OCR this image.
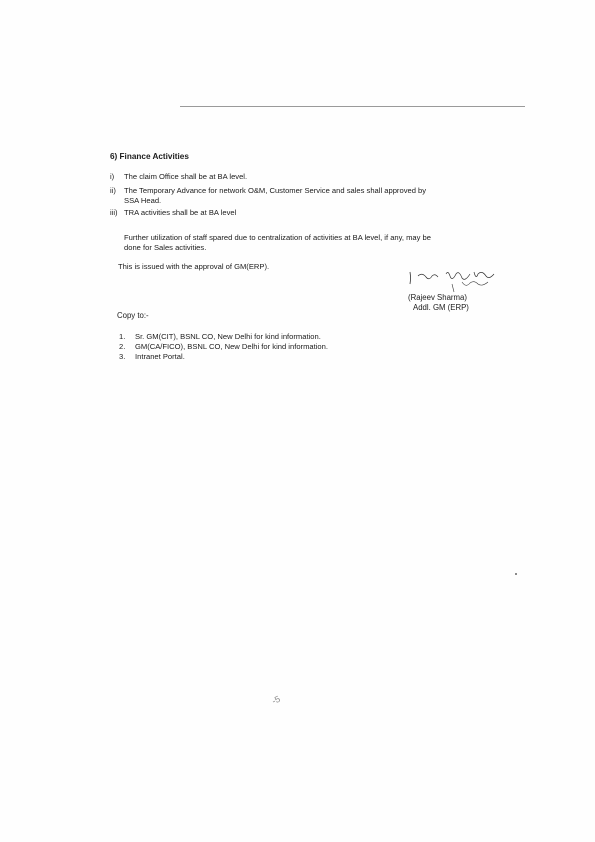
6) Finance Activities
i) The claim Office shall be at BA level.
ii) The Temporary Advance for network O&M, Customer Service and sales shall approved by
SSA Head.
iii) TRA activities shall be at BA level
Further utilization of staff spared due to centralization of activities at BA level, if any, may be
done for Sales activities.
This is issued with the approval of GM(ERP).
(Rajeev Sharma)
Addl. GM (ERP)
Copy to:-
1. Sr. GM(CIT), BSNL CO, New Delhi for kind information.
2. GM(CA/FICO), BSNL CO, New Delhi for kind information.
3. Intranet Portal.
-5
